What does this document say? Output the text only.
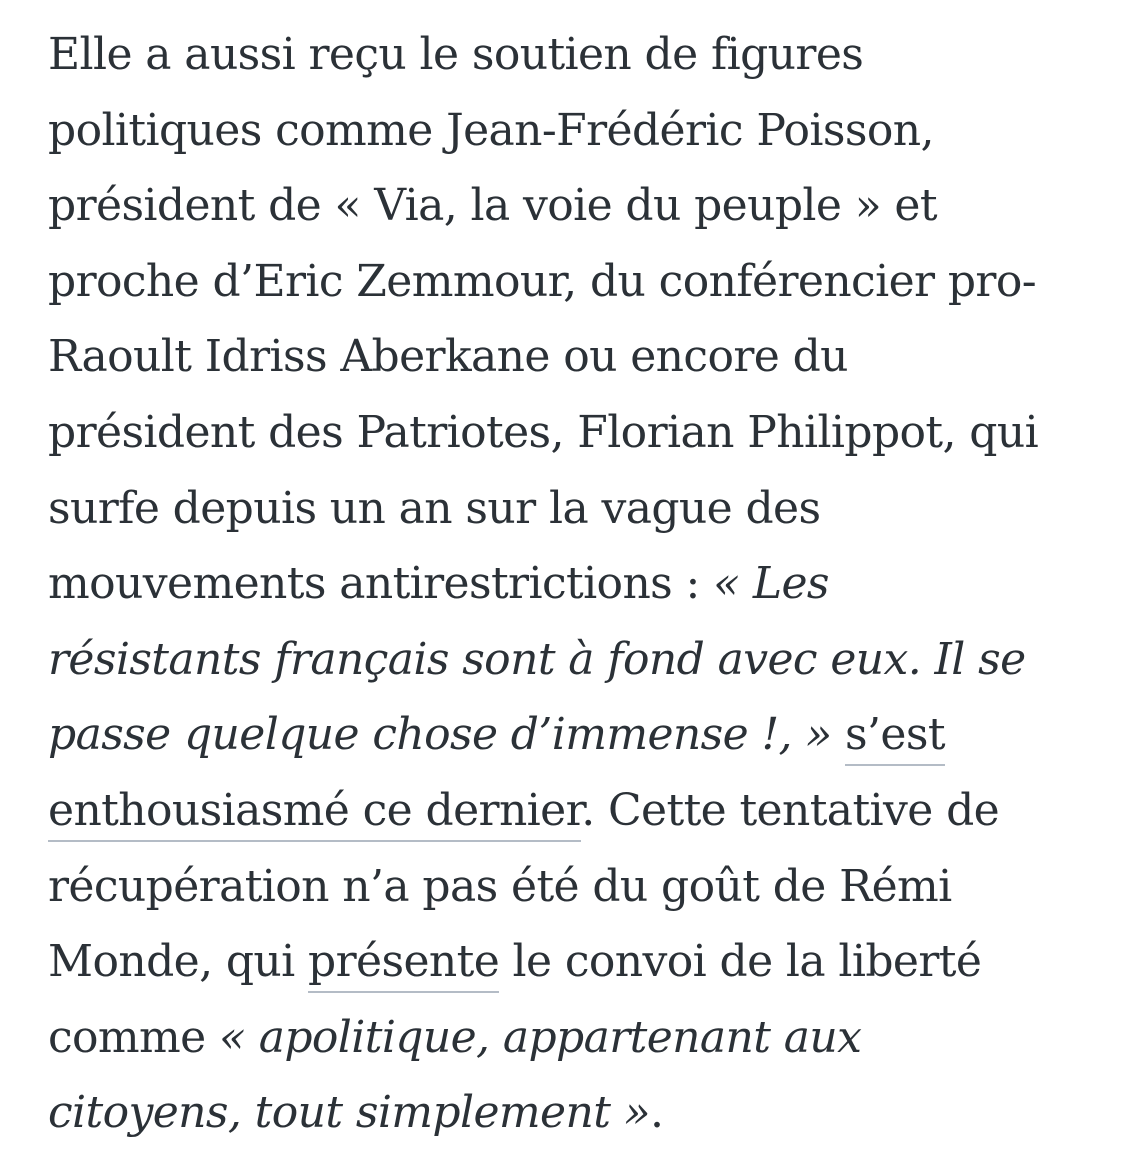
Elle a aussi reçu le soutien de figures
politiques comme Jean-Frédéric Poisson,
président de « Via, la voie du peuple » et
proche d’Eric Zemmour, du conférencier pro-
Raoult Idriss Aberkane ou encore du
président des Patriotes, Florian Philippot, qui
surfe depuis un an sur la vague des
mouvements antirestrictions : « Les
résistants français sont à fond avec eux. Il se
passe quelque chose d’immense !, » s’est
enthousiasmé ce dernier. Cette tentative de
récupération n’a pas été du goût de Rémi
Monde, qui présente le convoi de la liberté
comme « apolitique, appartenant aux
citoyens, tout simplement ».
